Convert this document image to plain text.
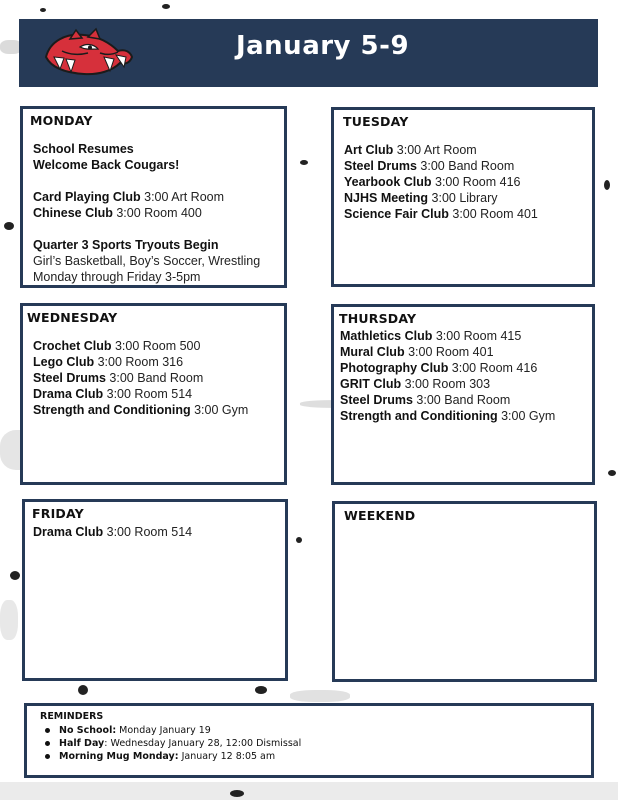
January 5-9
MONDAY
School Resumes
Welcome Back Cougars!
Card Playing Club 3:00 Art Room
Chinese Club 3:00 Room 400
Quarter 3 Sports Tryouts Begin
Girl’s Basketball, Boy’s Soccer, Wrestling
Monday through Friday 3-5pm
TUESDAY
Art Club 3:00 Art Room
Steel Drums 3:00 Band Room
Yearbook Club 3:00 Room 416
NJHS Meeting 3:00 Library
Science Fair Club 3:00 Room 401
WEDNESDAY
Crochet Club 3:00 Room 500
Lego Club 3:00 Room 316
Steel Drums 3:00 Band Room
Drama Club 3:00 Room 514
Strength and Conditioning 3:00 Gym
THURSDAY
Mathletics Club 3:00 Room 415
Mural Club 3:00 Room 401
Photography Club 3:00 Room 416
GRIT Club 3:00 Room 303
Steel Drums 3:00 Band Room
Strength and Conditioning 3:00 Gym
FRIDAY
Drama Club 3:00 Room 514
WEEKEND
REMINDERS
No School: Monday January 19
Half Day: Wednesday January 28, 12:00 Dismissal
Morning Mug Monday: January 12 8:05 am
